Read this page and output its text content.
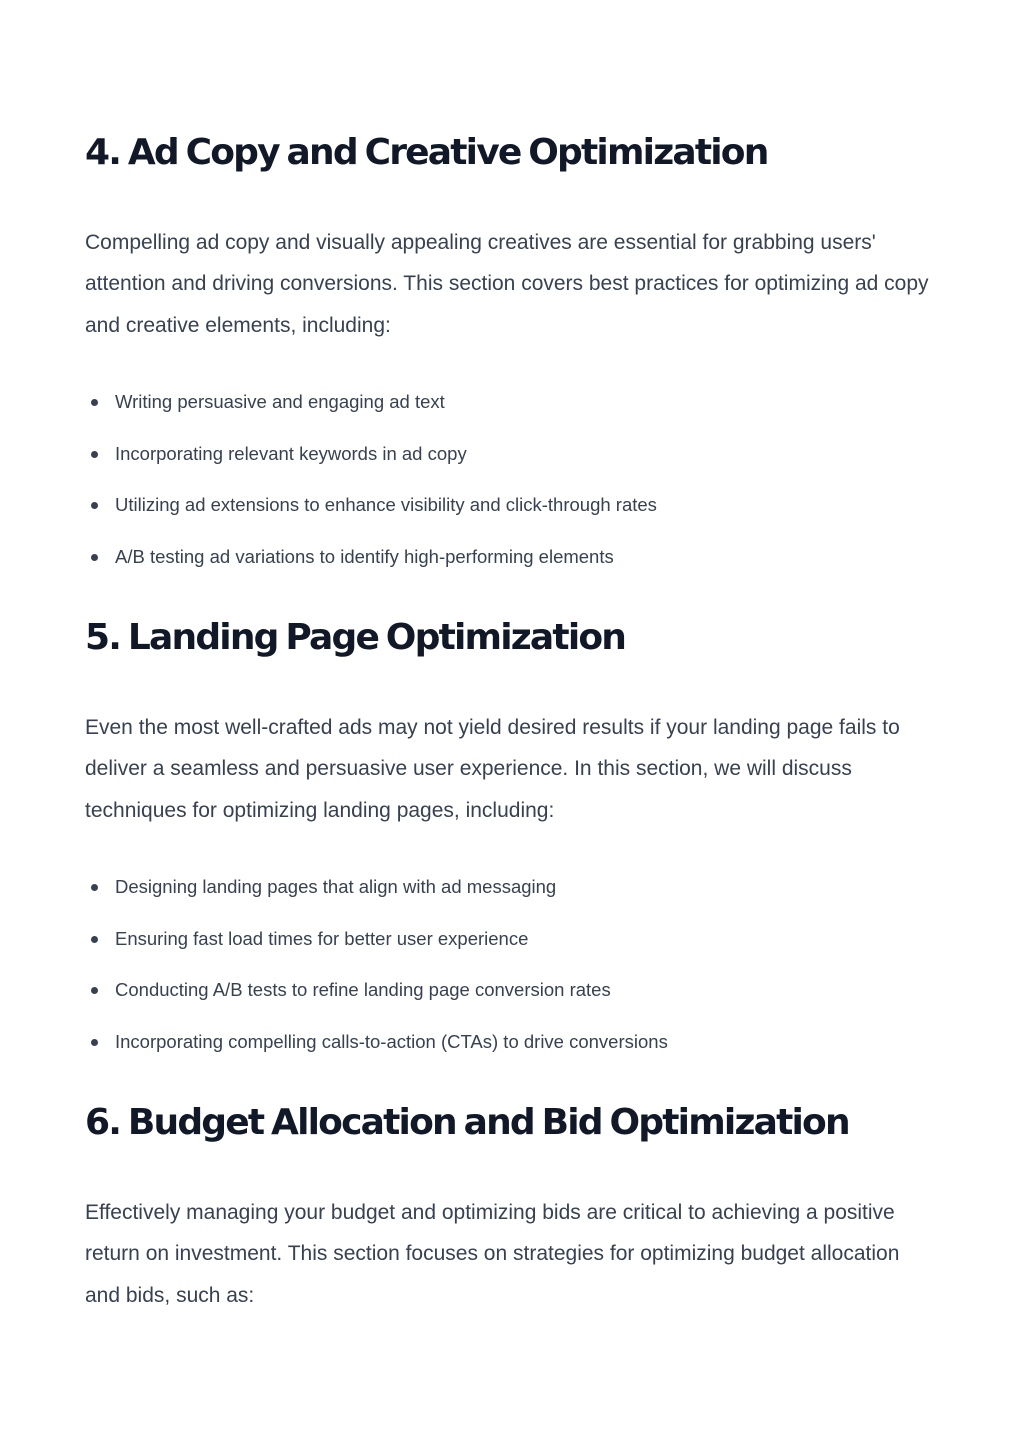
4. Ad Copy and Creative Optimization

Compelling ad copy and visually appealing creatives are essential for grabbing users' attention and driving conversions. This section covers best practices for optimizing ad copy and creative elements, including:

Writing persuasive and engaging ad text
Incorporating relevant keywords in ad copy
Utilizing ad extensions to enhance visibility and click-through rates
A/B testing ad variations to identify high-performing elements
5. Landing Page Optimization

Even the most well-crafted ads may not yield desired results if your landing page fails to deliver a seamless and persuasive user experience. In this section, we will discuss techniques for optimizing landing pages, including:

Designing landing pages that align with ad messaging
Ensuring fast load times for better user experience
Conducting A/B tests to refine landing page conversion rates
Incorporating compelling calls-to-action (CTAs) to drive conversions
6. Budget Allocation and Bid Optimization

Effectively managing your budget and optimizing bids are critical to achieving a positive return on investment. This section focuses on strategies for optimizing budget allocation and bids, such as:
